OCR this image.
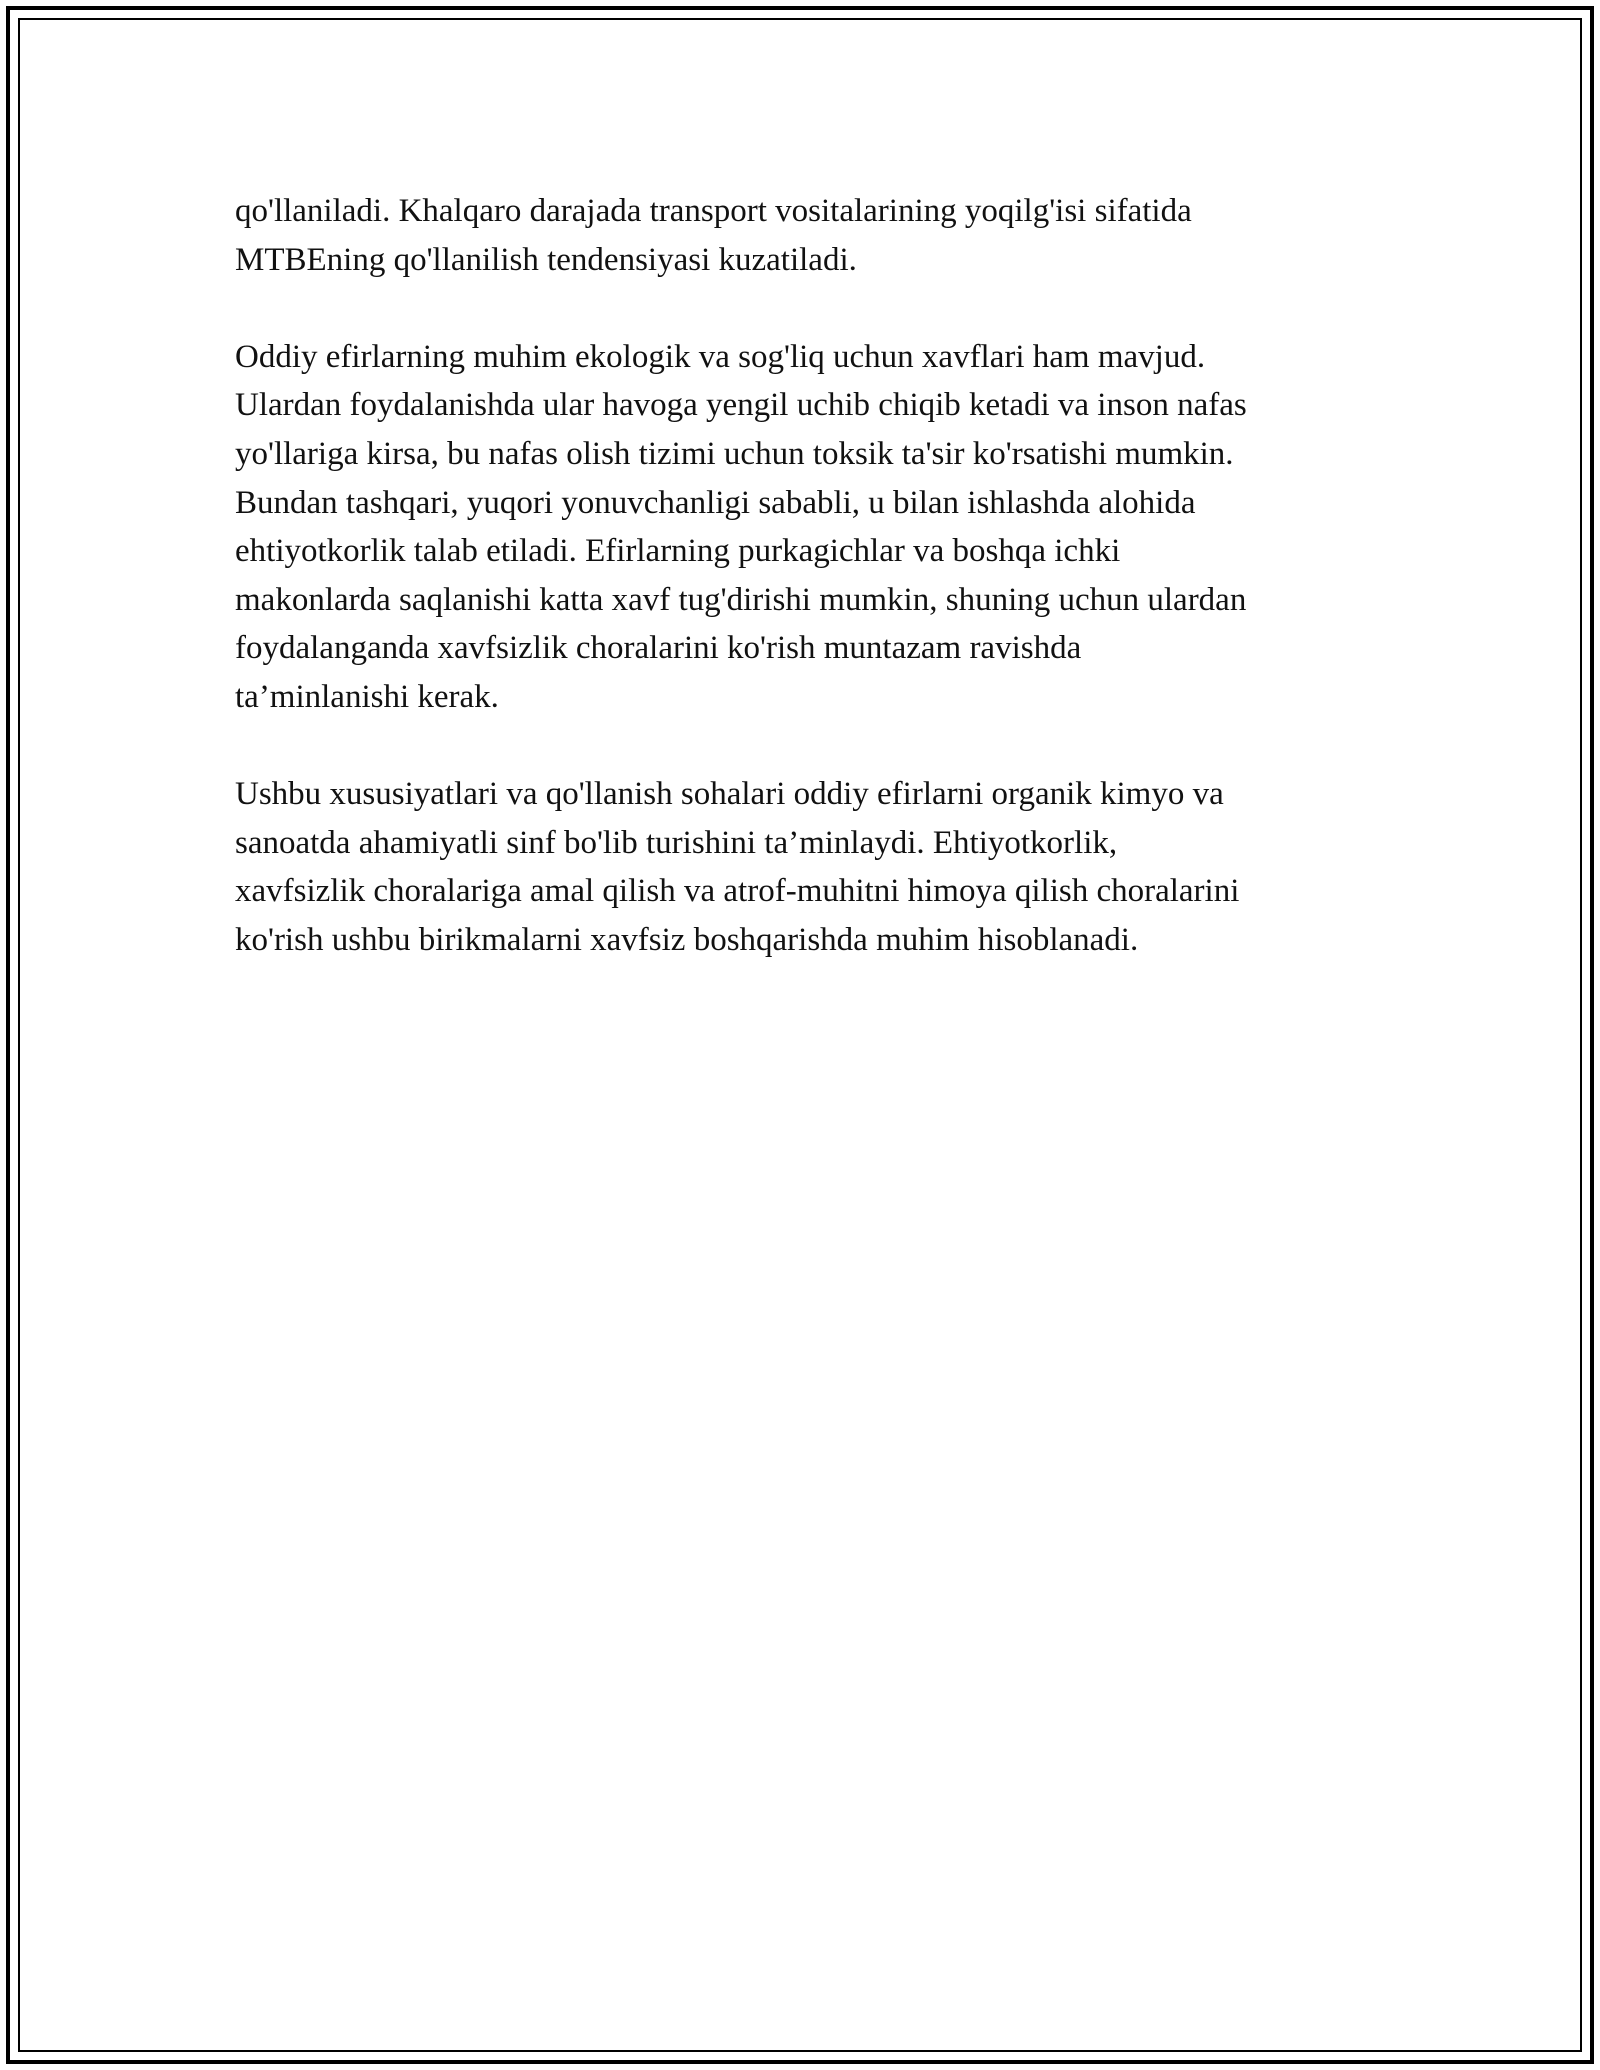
qo'llaniladi. Khalqaro darajada transport vositalarining yoqilg'isi sifatida
MTBEning qo'llanilish tendensiyasi kuzatiladi.

Oddiy efirlarning muhim ekologik va sog'liq uchun xavflari ham mavjud.
Ulardan foydalanishda ular havoga yengil uchib chiqib ketadi va inson nafas
yo'llariga kirsa, bu nafas olish tizimi uchun toksik ta'sir ko'rsatishi mumkin.
Bundan tashqari, yuqori yonuvchanligi sababli, u bilan ishlashda alohida
ehtiyotkorlik talab etiladi. Efirlarning purkagichlar va boshqa ichki
makonlarda saqlanishi katta xavf tug'dirishi mumkin, shuning uchun ulardan
foydalanganda xavfsizlik choralarini ko'rish muntazam ravishda
ta’minlanishi kerak.

Ushbu xususiyatlari va qo'llanish sohalari oddiy efirlarni organik kimyo va
sanoatda ahamiyatli sinf bo'lib turishini ta’minlaydi. Ehtiyotkorlik,
xavfsizlik choralariga amal qilish va atrof-muhitni himoya qilish choralarini
ko'rish ushbu birikmalarni xavfsiz boshqarishda muhim hisoblanadi.
